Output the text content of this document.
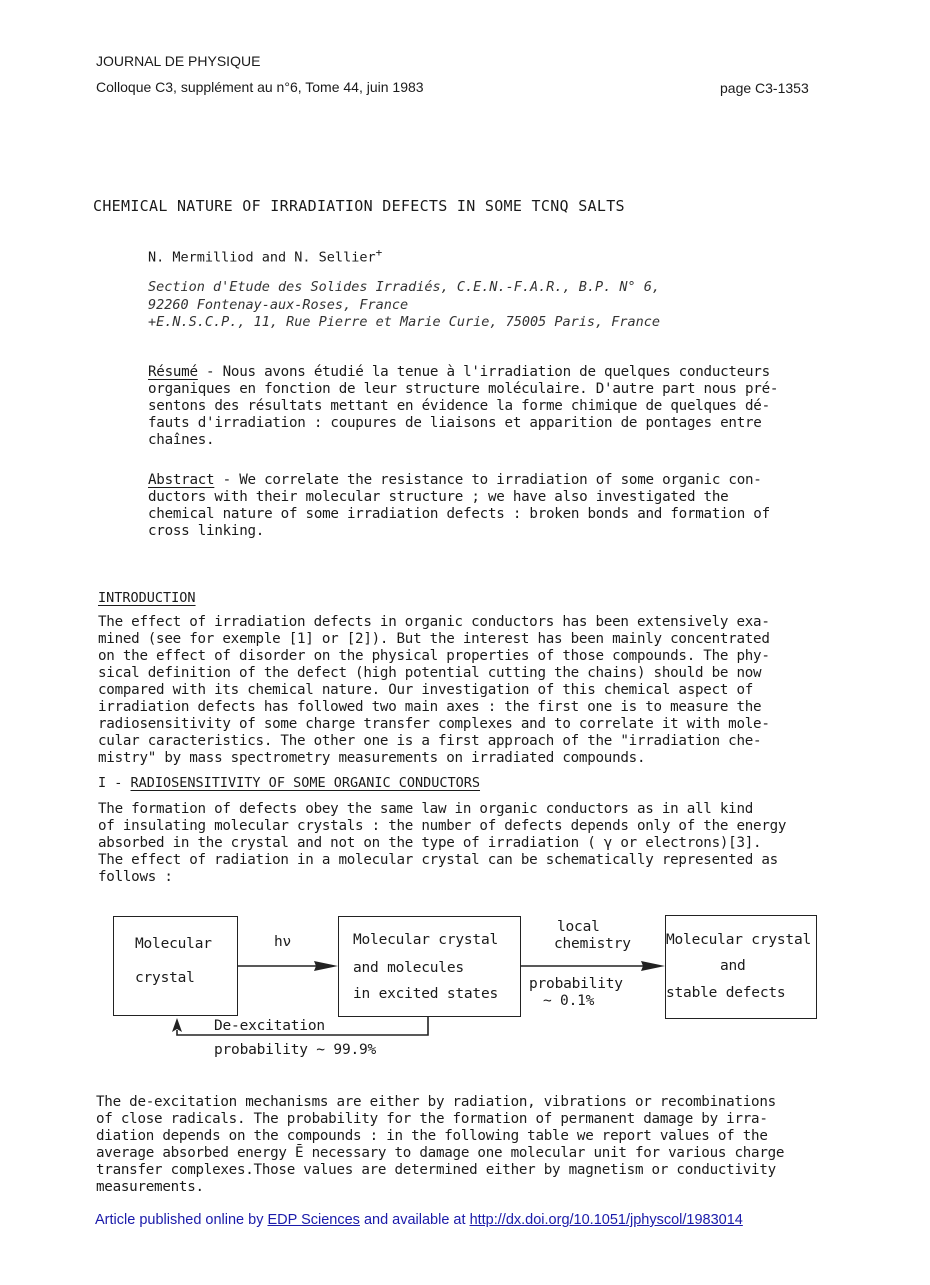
JOURNAL DE PHYSIQUE
Colloque C3, supplément au n°6, Tome 44, juin 1983	page C3-1353
CHEMICAL NATURE OF IRRADIATION DEFECTS IN SOME TCNQ SALTS
N. Mermilliod and N. Sellier+
Section d'Etude des Solides Irradiés, C.E.N.-F.A.R., B.P. N° 6,
92260 Fontenay-aux-Roses, France
+E.N.S.C.P., 11, Rue Pierre et Marie Curie, 75005 Paris, France
Résumé - Nous avons étudié la tenue à l'irradiation de quelques conducteurs
organiques en fonction de leur structure moléculaire. D'autre part nous pré-
sentons des résultats mettant en évidence la forme chimique de quelques dé-
fauts d'irradiation : coupures de liaisons et apparition de pontages entre
chaînes.
Abstract - We correlate the resistance to irradiation of some organic con-
ductors with their molecular structure ; we have also investigated the
chemical nature of some irradiation defects : broken bonds and formation of
cross linking.
INTRODUCTION
The effect of irradiation defects in organic conductors has been extensively exa-
mined (see for exemple [1] or [2]). But the interest has been mainly concentrated
on the effect of disorder on the physical properties of those compounds. The phy-
sical definition of the defect (high potential cutting the chains) should be now
compared with its chemical nature. Our investigation of this chemical aspect of
irradiation defects has followed two main axes : the first one is to measure the
radiosensitivity of some charge transfer complexes and to correlate it with mole-
cular caracteristics. The other one is a first approach of the "irradiation che-
mistry" by mass spectrometry measurements on irradiated compounds.
I - RADIOSENSITIVITY OF SOME ORGANIC CONDUCTORS
The formation of defects obey the same law in organic conductors as in all kind
of insulating molecular crystals : the number of defects depends only of the energy
absorbed in the crystal and not on the type of irradiation ( γ or electrons)[3].
The effect of radiation in a molecular crystal can be schematically represented as
follows :
Molecular
crystal
hν	Molecular crystal
and molecules
in excited states
local
chemistry
probability
~ 0.1%
Molecular crystal
and
stable defects
De-excitation
probability ∼ 99.9%
The de-excitation mechanisms are either by radiation, vibrations or recombinations
of close radicals. The probability for the formation of permanent damage by irra-
diation depends on the compounds : in the following table we report values of the
average absorbed energy Ē necessary to damage one molecular unit for various charge
transfer complexes.Those values are determined either by magnetism or conductivity
measurements.
Article published online by EDP Sciences and available at http://dx.doi.org/10.1051/jphyscol/1983014
